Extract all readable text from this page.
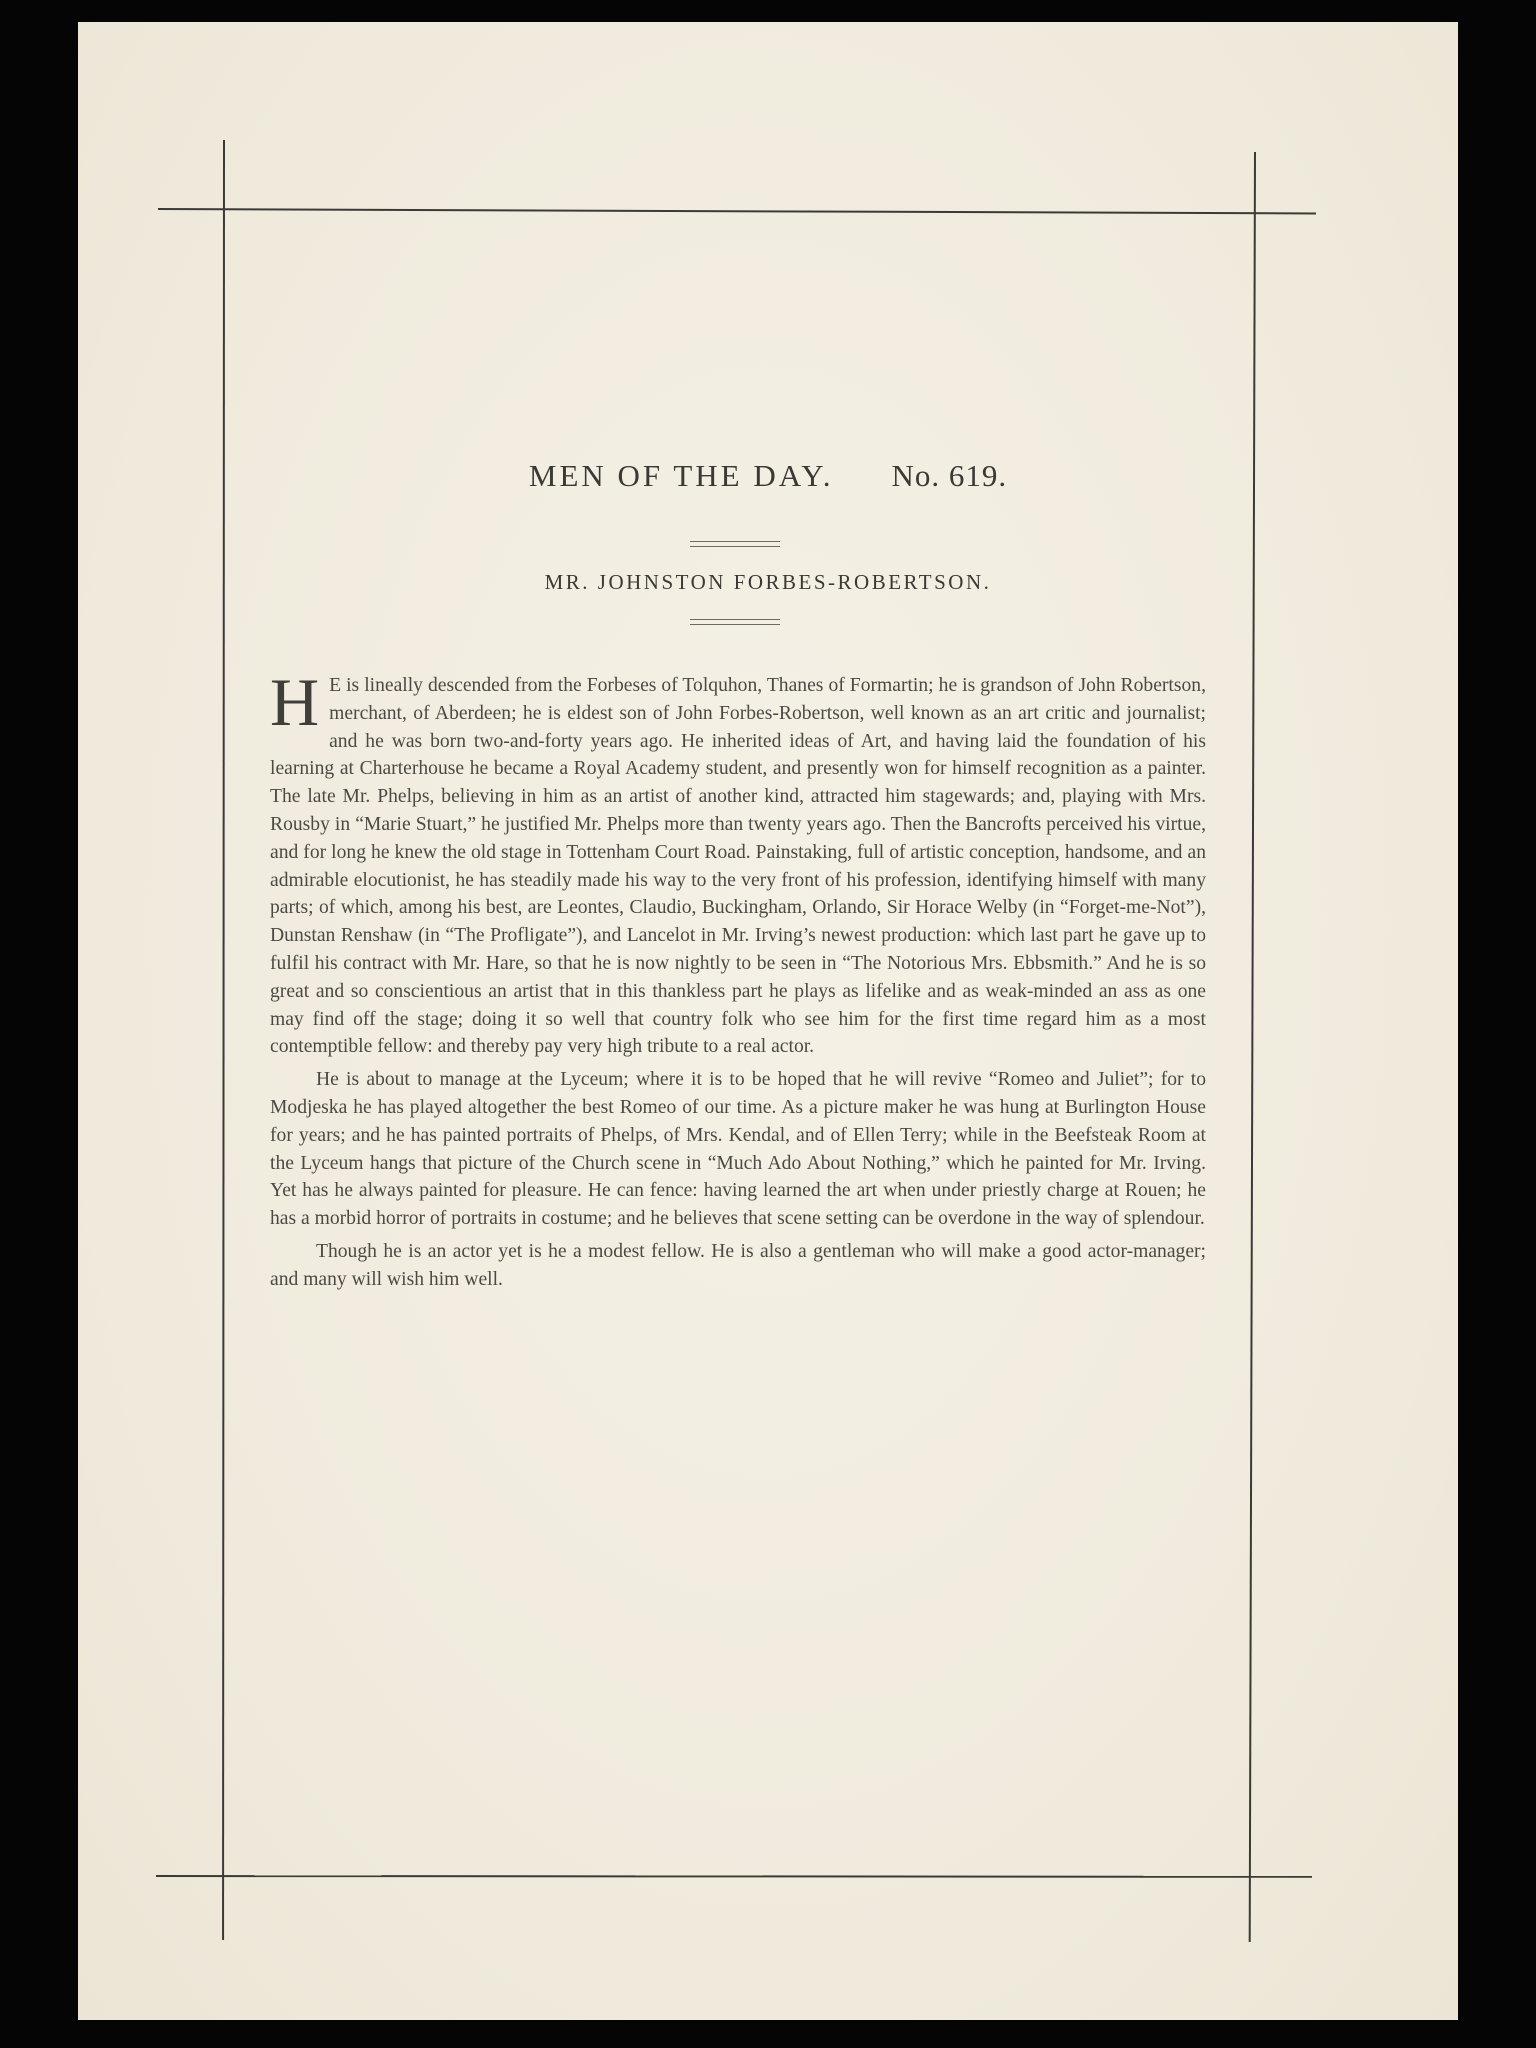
MEN OF THE DAY. No. 619.
MR. JOHNSTON FORBES-ROBERTSON.

H E is lineally descended from the Forbeses of Tolquhon, Thanes of Formartin; he is grandson of John Robertson, merchant, of Aberdeen; he is eldest son of John Forbes-Robertson, well known as an art critic and journalist; and he was born two-and-forty years ago. He inherited ideas of Art, and having laid the foundation of his learning at Charterhouse he became a Royal Academy student, and presently won for himself recognition as a painter. The late Mr. Phelps, believing in him as an artist of another kind, attracted him stagewards; and, playing with Mrs. Rousby in “Marie Stuart,” he justified Mr. Phelps more than twenty years ago. Then the Bancrofts perceived his virtue, and for long he knew the old stage in Tottenham Court Road. Painstaking, full of artistic conception, handsome, and an admirable elocutionist, he has steadily made his way to the very front of his profession, identifying himself with many parts; of which, among his best, are Leontes, Claudio, Buckingham, Orlando, Sir Horace Welby (in “Forget-me-Not”), Dunstan Renshaw (in “The Profligate”), and Lancelot in Mr. Irving’s newest production: which last part he gave up to fulfil his contract with Mr. Hare, so that he is now nightly to be seen in “The Notorious Mrs. Ebbsmith.” And he is so great and so conscientious an artist that in this thankless part he plays as lifelike and as weak-minded an ass as one may find off the stage; doing it so well that country folk who see him for the first time regard him as a most contemptible fellow: and thereby pay very high tribute to a real actor.

He is about to manage at the Lyceum; where it is to be hoped that he will revive “Romeo and Juliet”; for to Modjeska he has played altogether the best Romeo of our time. As a picture maker he was hung at Burlington House for years; and he has painted portraits of Phelps, of Mrs. Kendal, and of Ellen Terry; while in the Beefsteak Room at the Lyceum hangs that picture of the Church scene in “Much Ado About Nothing,” which he painted for Mr. Irving. Yet has he always painted for pleasure. He can fence: having learned the art when under priestly charge at Rouen; he has a morbid horror of portraits in costume; and he believes that scene setting can be overdone in the way of splendour.

Though he is an actor yet is he a modest fellow. He is also a gentleman who will make a good actor-manager; and many will wish him well.
